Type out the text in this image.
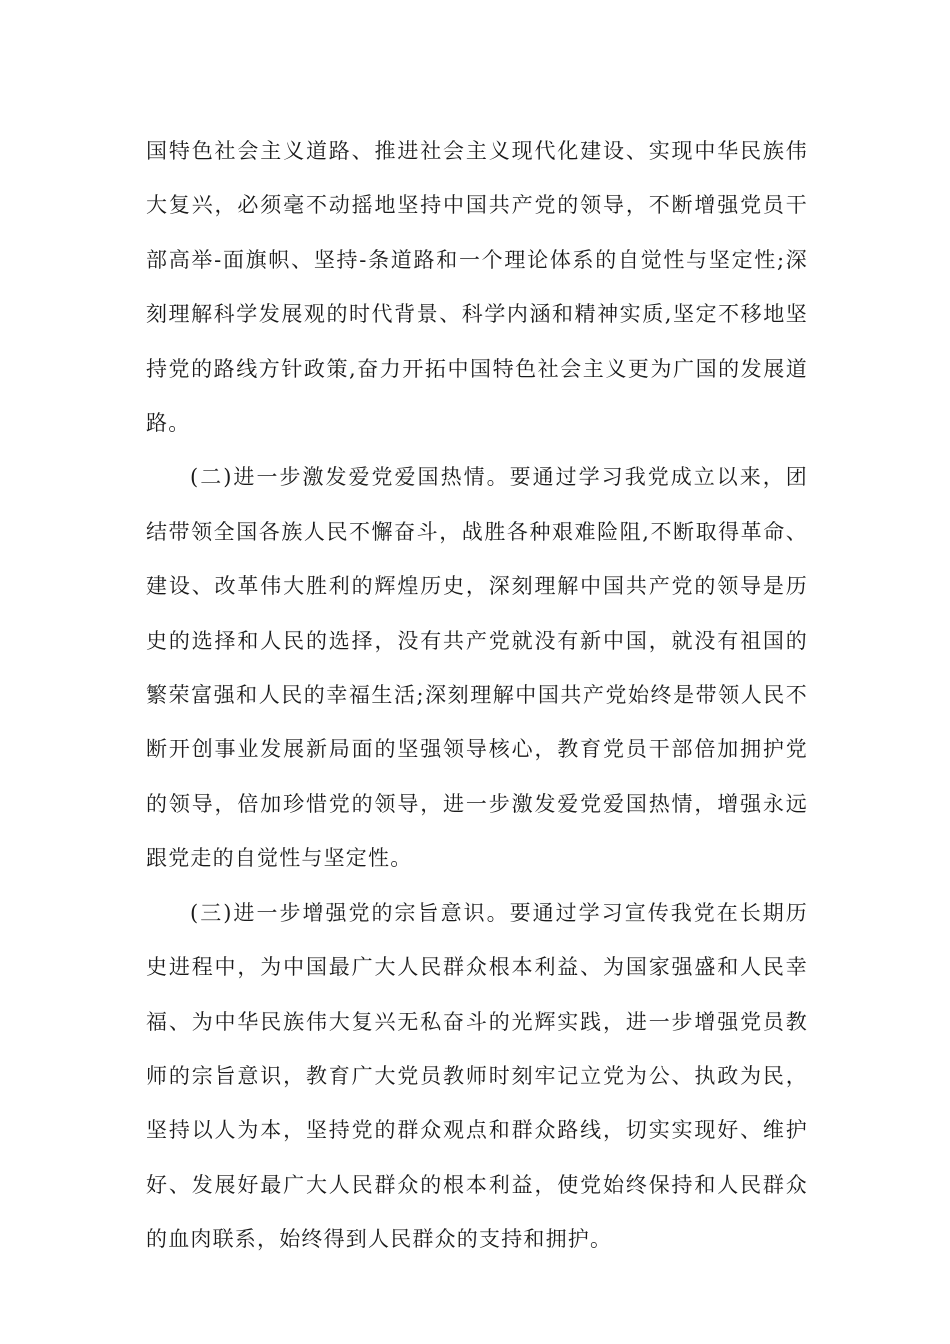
国特色社会主义道路、推进社会主义现代化建设、实现中华民族伟大复兴，必须毫不动摇地坚持中国共产党的领导，不断增强党员干部高举-面旗帜、坚持-条道路和一个理论体系的自觉性与坚定性;深刻理解科学发展观的时代背景、科学内涵和精神实质,坚定不移地坚持党的路线方针政策,奋力开拓中国特色社会主义更为广国的发展道路。

(二)进一步激发爱党爱国热情。要通过学习我党成立以来，团结带领全国各族人民不懈奋斗，战胜各种艰难险阻,不断取得革命、建设、改革伟大胜利的辉煌历史，深刻理解中国共产党的领导是历史的选择和人民的选择，没有共产党就没有新中国，就没有祖国的繁荣富强和人民的幸福生活;深刻理解中国共产党始终是带领人民不断开创事业发展新局面的坚强领导核心，教育党员干部倍加拥护党的领导，倍加珍惜党的领导，进一步激发爱党爱国热情，增强永远跟党走的自觉性与坚定性。

(三)进一步增强党的宗旨意识。要通过学习宣传我党在长期历史进程中，为中国最广大人民群众根本利益、为国家强盛和人民幸福、为中华民族伟大复兴无私奋斗的光辉实践，进一步增强党员教师的宗旨意识，教育广大党员教师时刻牢记立党为公、执政为民，坚持以人为本，坚持党的群众观点和群众路线，切实实现好、维护好、发展好最广大人民群众的根本利益，使党始终保持和人民群众的血肉联系，始终得到人民群众的支持和拥护。
